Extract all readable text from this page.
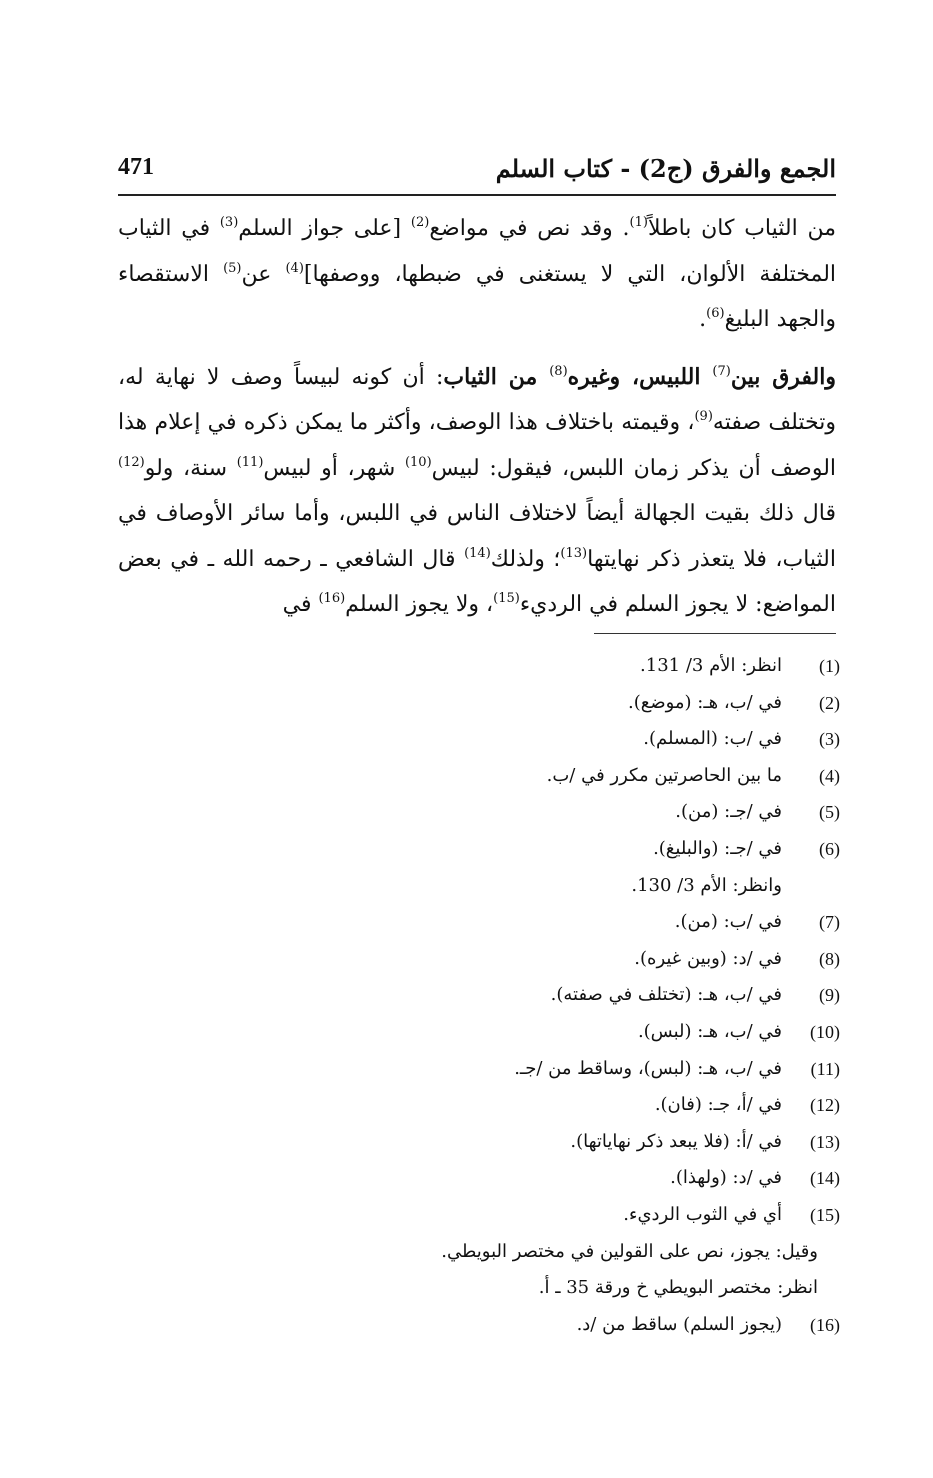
الجمع والفرق (ج2) - كتاب السلم
471

من الثياب كان باطلاً$^{(1)}$. وقد نص في مواضع$^{(2)}$ [على جواز السلم$^{(3)}$ في الثياب المختلفة الألوان، التي لا يستغنى في ضبطها، ووصفها]$^{(4)}$ عن$^{(5)}$ الاستقصاء والجهد البليغ$^{(6)}$.

والفرق بين$^{(7)}$ اللبيس، وغيره$^{(8)}$ من الثياب: أن كونه لبيساً وصف لا نهاية له، وتختلف صفته$^{(9)}$، وقيمته باختلاف هذا الوصف، وأكثر ما يمكن ذكره في إعلام هذا الوصف أن يذكر زمان اللبس، فيقول: لبيس$^{(10)}$ شهر، أو لبيس$^{(11)}$ سنة، ولو$^{(12)}$ قال ذلك بقيت الجهالة أيضاً لاختلاف الناس في اللبس، وأما سائر الأوصاف في الثياب، فلا يتعذر ذكر نهايتها$^{(13)}$؛ ولذلك$^{(14)}$ قال الشافعي ـ رحمه الله ـ في بعض المواضع: لا يجوز السلم في الرديء$^{(15)}$، ولا يجوز السلم$^{(16)}$ في

(1)
انظر: الأم 3/ 131.
(2)
في /ب، هـ: (موضع).
(3)
في /ب: (المسلم).
(4)
ما بين الحاصرتين مكرر في /ب.
(5)
في /جـ: (من).
(6)
في /جـ: (والبليغ).
وانظر: الأم 3/ 130.
(7)
في /ب: (من).
(8)
في /د: (وبين غيره).
(9)
في /ب، هـ: (تختلف في صفته).
(10)
في /ب، هـ: (لبس).
(11)
في /ب، هـ: (لبس)، وساقط من /جـ.
(12)
في /أ، جـ: (فان).
(13)
في /أ: (فلا يبعد ذكر نهاياتها).
(14)
في /د: (ولهذا).
(15)
أي في الثوب الرديء.
وقيل: يجوز، نص على القولين في مختصر البويطي.
انظر: مختصر البويطي خ ورقة 35 ـ أ.
(16)
(يجوز السلم) ساقط من /د.
